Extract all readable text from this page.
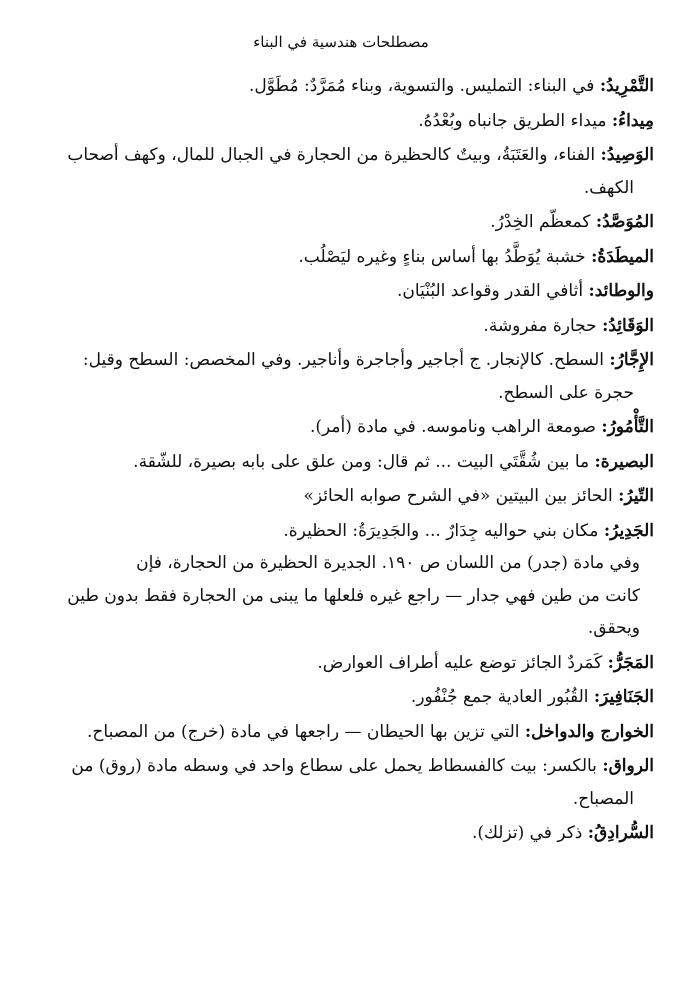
مصطلحات هندسية في البناء
التَّمْرِيدُ: في البناء: التمليس. والتسوية، وبناء مُمَرَّدٌ: مُطَوَّل.
مِيداءُ: ميداء الطريق جانباه وبُعْدُهُ.
الوَصِيدُ: الفناء، والعَتَبَةُ، وبيتٌ كالحظيرة من الحجارة في الجبال للمال، وكهف أصحاب
الكهف.
المُوَصَّدُ: كمعظّم الخِدْرُ.
الميطَدَةُ: خشبة يُوَطَّدُ بها أساس بناءٍ وغيره ليَصْلُب.
والوطائد: أثافي القدر وقواعد البُنْيَان.
الوَقَائِدُ: حجارة مفروشة.
الإِجَّارُ: السطح. كالإنجار. ج أجاجير وأجاجرة وأناجير. وفي المخصص: السطح وقيل:
حجرة على السطح.
التَّأْمُورُ: صومعة الراهب وناموسه. في مادة (أمر).
البصيرة: ما بين شُقَّتَي البيت ... ثم قال: ومن علق على بابه بصيرة، للشّقة.
التّيرُ: الحائز بين البيتين «في الشرح صوابه الحائز»
الجَدِيرُ: مكان بني حواليه جِدَارٌ ... والجَدِيرَةُ: الحظيرة.
وفي مادة (جدر) من اللسان ص ١٩٠. الجديرة الحظيرة من الحجارة، فإن
كانت من طين فهي جدار — راجع غيره فلعلها ما يبنى من الحجارة فقط بدون طين ويحقق.
المَجَرُّ: كَمَردٌ الجائز توضع عليه أطراف العوارض.
الجَنَافِيرَ: القُبُور العادية جمع جُنْفُور.
الخوارج والدواخل: التي تزين بها الحيطان — راجعها في مادة (خرج) من المصباح.
الرواق: بالكسر: بيت كالفسطاط يحمل على سطاع واحد في وسطه مادة (روق) من
المصباح.
السُّرادِقُ: ذكر في (تزلك).
